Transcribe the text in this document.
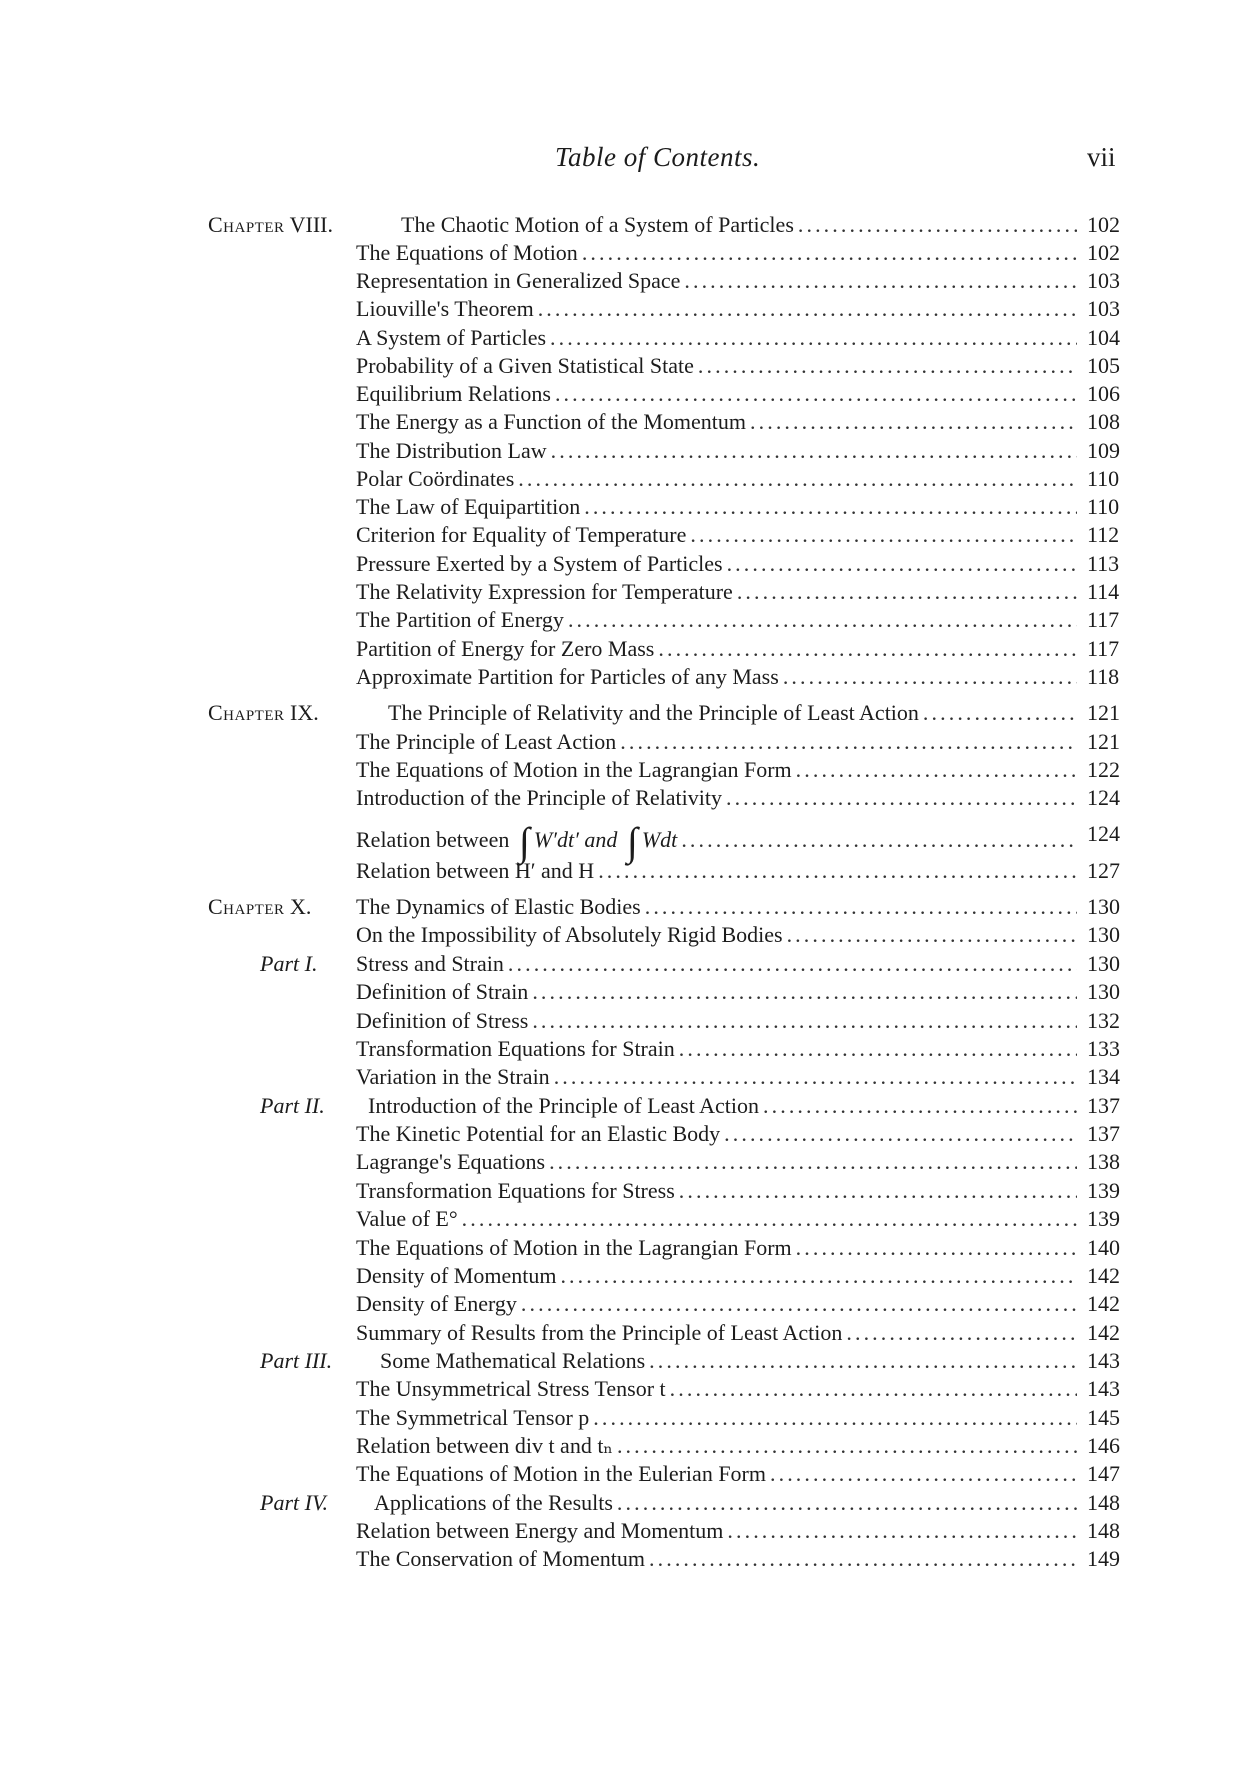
Table of Contents.	vii
Chapter VIII.	The Chaotic Motion of a System of Particles . . .	102
The Equations of Motion . . .	102
Representation in Generalized Space . . .	103
Liouville's Theorem . . .	103
A System of Particles . . .	104
Probability of a Given Statistical State . . .	105
Equilibrium Relations . . .	106
The Energy as a Function of the Momentum . . .	108
The Distribution Law . . .	109
Polar Coördinates . . .	110
The Law of Equipartition . . .	110
Criterion for Equality of Temperature . . .	112
Pressure Exerted by a System of Particles . . .	113
The Relativity Expression for Temperature . . .	114
The Partition of Energy . . .	117
Partition of Energy for Zero Mass . . .	117
Approximate Partition for Particles of any Mass . . .	118
Chapter IX.	The Principle of Relativity and the Principle of Least Action . . .	121
The Principle of Least Action . . .	121
The Equations of Motion in the Lagrangian Form . . .	122
Introduction of the Principle of Relativity . . .	124
Relation between ∫ W′dt′ and ∫ Wdt . . .	124
Relation between H′ and H . . .	127
Chapter X. The Dynamics of Elastic Bodies . . .	130
On the Impossibility of Absolutely Rigid Bodies . . .	130
Part I. Stress and Strain . . .	130
Definition of Strain . . .	130
Definition of Stress . . .	132
Transformation Equations for Strain . . .	133
Variation in the Strain . . .	134
Part II. Introduction of the Principle of Least Action . . .	137
The Kinetic Potential for an Elastic Body . . .	137
Lagrange's Equations . . .	138
Transformation Equations for Stress . . .	139
Value of E° . . .	139
The Equations of Motion in the Lagrangian Form . . .	140
Density of Momentum . . .	142
Density of Energy . . .	142
Summary of Results from the Principle of Least Action . . .	142
Part III. Some Mathematical Relations . . .	143
The Unsymmetrical Stress Tensor t . . .	143
The Symmetrical Tensor p . . .	145
Relation between div t and tₙ . . .	146
The Equations of Motion in the Eulerian Form . . .	147
Part IV. Applications of the Results . . .	148
Relation between Energy and Momentum . . .	148
The Conservation of Momentum . . .	149
